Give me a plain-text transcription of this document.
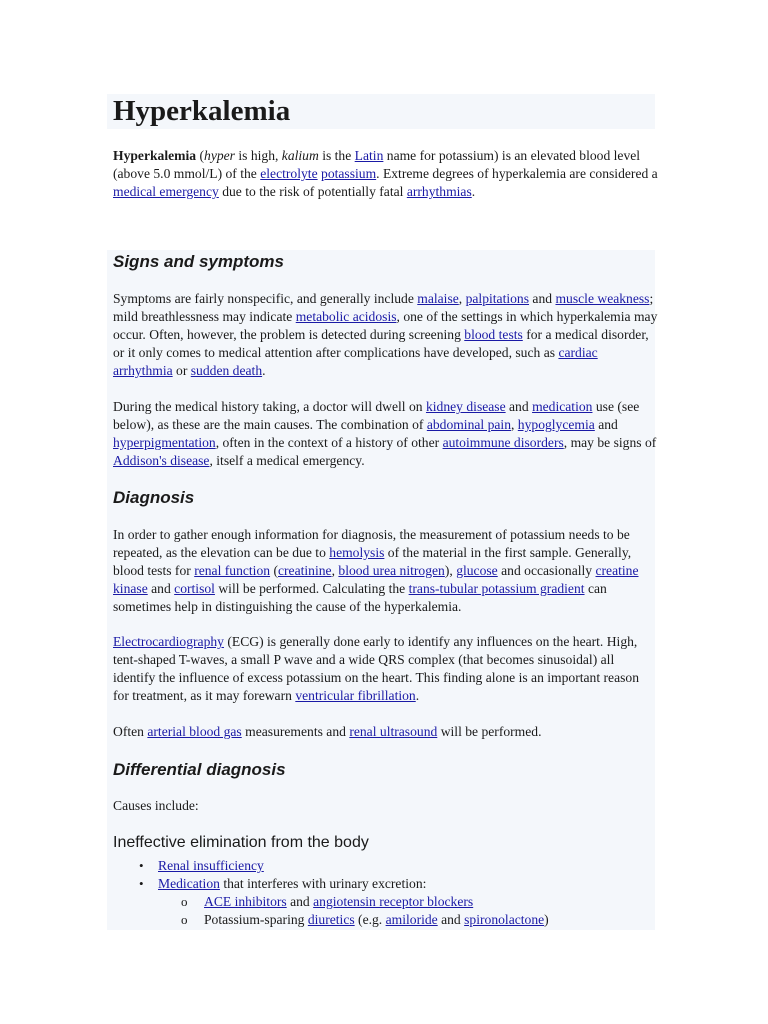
Hyperkalemia

Hyperkalemia (hyper is high, kalium is the Latin name for potassium) is an elevated blood level (above 5.0 mmol/L) of the electrolyte potassium. Extreme degrees of hyperkalemia are considered a medical emergency due to the risk of potentially fatal arrhythmias.

Signs and symptoms

Symptoms are fairly nonspecific, and generally include malaise, palpitations and muscle weakness; mild breathlessness may indicate metabolic acidosis, one of the settings in which hyperkalemia may occur. Often, however, the problem is detected during screening blood tests for a medical disorder, or it only comes to medical attention after complications have developed, such as cardiac arrhythmia or sudden death.

During the medical history taking, a doctor will dwell on kidney disease and medication use (see below), as these are the main causes. The combination of abdominal pain, hypoglycemia and hyperpigmentation, often in the context of a history of other autoimmune disorders, may be signs of Addison's disease, itself a medical emergency.

Diagnosis

In order to gather enough information for diagnosis, the measurement of potassium needs to be repeated, as the elevation can be due to hemolysis of the material in the first sample. Generally, blood tests for renal function (creatinine, blood urea nitrogen), glucose and occasionally creatine kinase and cortisol will be performed. Calculating the trans-tubular potassium gradient can sometimes help in distinguishing the cause of the hyperkalemia.

Electrocardiography (ECG) is generally done early to identify any influences on the heart. High, tent-shaped T-waves, a small P wave and a wide QRS complex (that becomes sinusoidal) all identify the influence of excess potassium on the heart. This finding alone is an important reason for treatment, as it may forewarn ventricular fibrillation.

Often arterial blood gas measurements and renal ultrasound will be performed.

Differential diagnosis

Causes include:

Ineffective elimination from the body
• Renal insufficiency

• Medication that interferes with urinary excretion:

o ACE inhibitors and angiotensin receptor blockers

o Potassium-sparing diuretics (e.g. amiloride and spironolactone)
